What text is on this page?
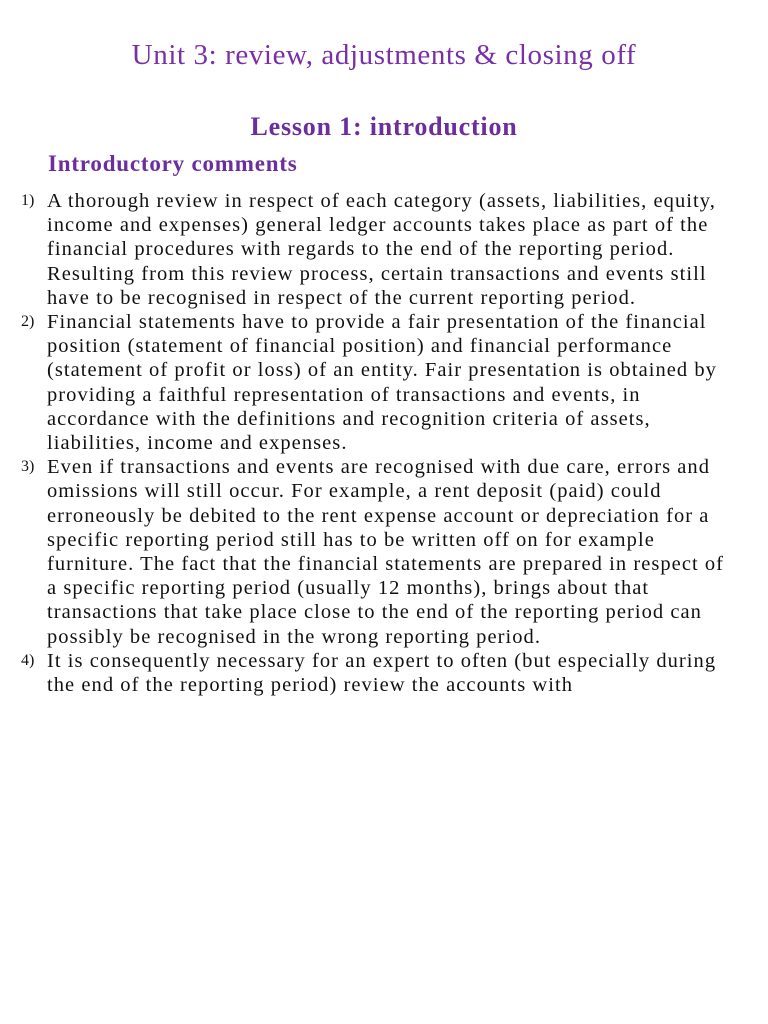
Unit 3: review, adjustments & closing off
Lesson 1: introduction
Introductory comments
1) A thorough review in respect of each category (assets, liabilities, equity, income and expenses) general ledger accounts takes place as part of the financial procedures with regards to the end of the reporting period. Resulting from this review process, certain transactions and events still have to be recognised in respect of the current reporting period.
2) Financial statements have to provide a fair presentation of the financial position (statement of financial position) and financial performance (statement of profit or loss) of an entity. Fair presentation is obtained by providing a faithful representation of transactions and events, in accordance with the definitions and recognition criteria of assets, liabilities, income and expenses.
3) Even if transactions and events are recognised with due care, errors and omissions will still occur. For example, a rent deposit (paid) could erroneously be debited to the rent expense account or depreciation for a specific reporting period still has to be written off on for example furniture. The fact that the financial statements are prepared in respect of a specific reporting period (usually 12 months), brings about that transactions that take place close to the end of the reporting period can possibly be recognised in the wrong reporting period.
4) It is consequently necessary for an expert to often (but especially during the end of the reporting period) review the accounts with
